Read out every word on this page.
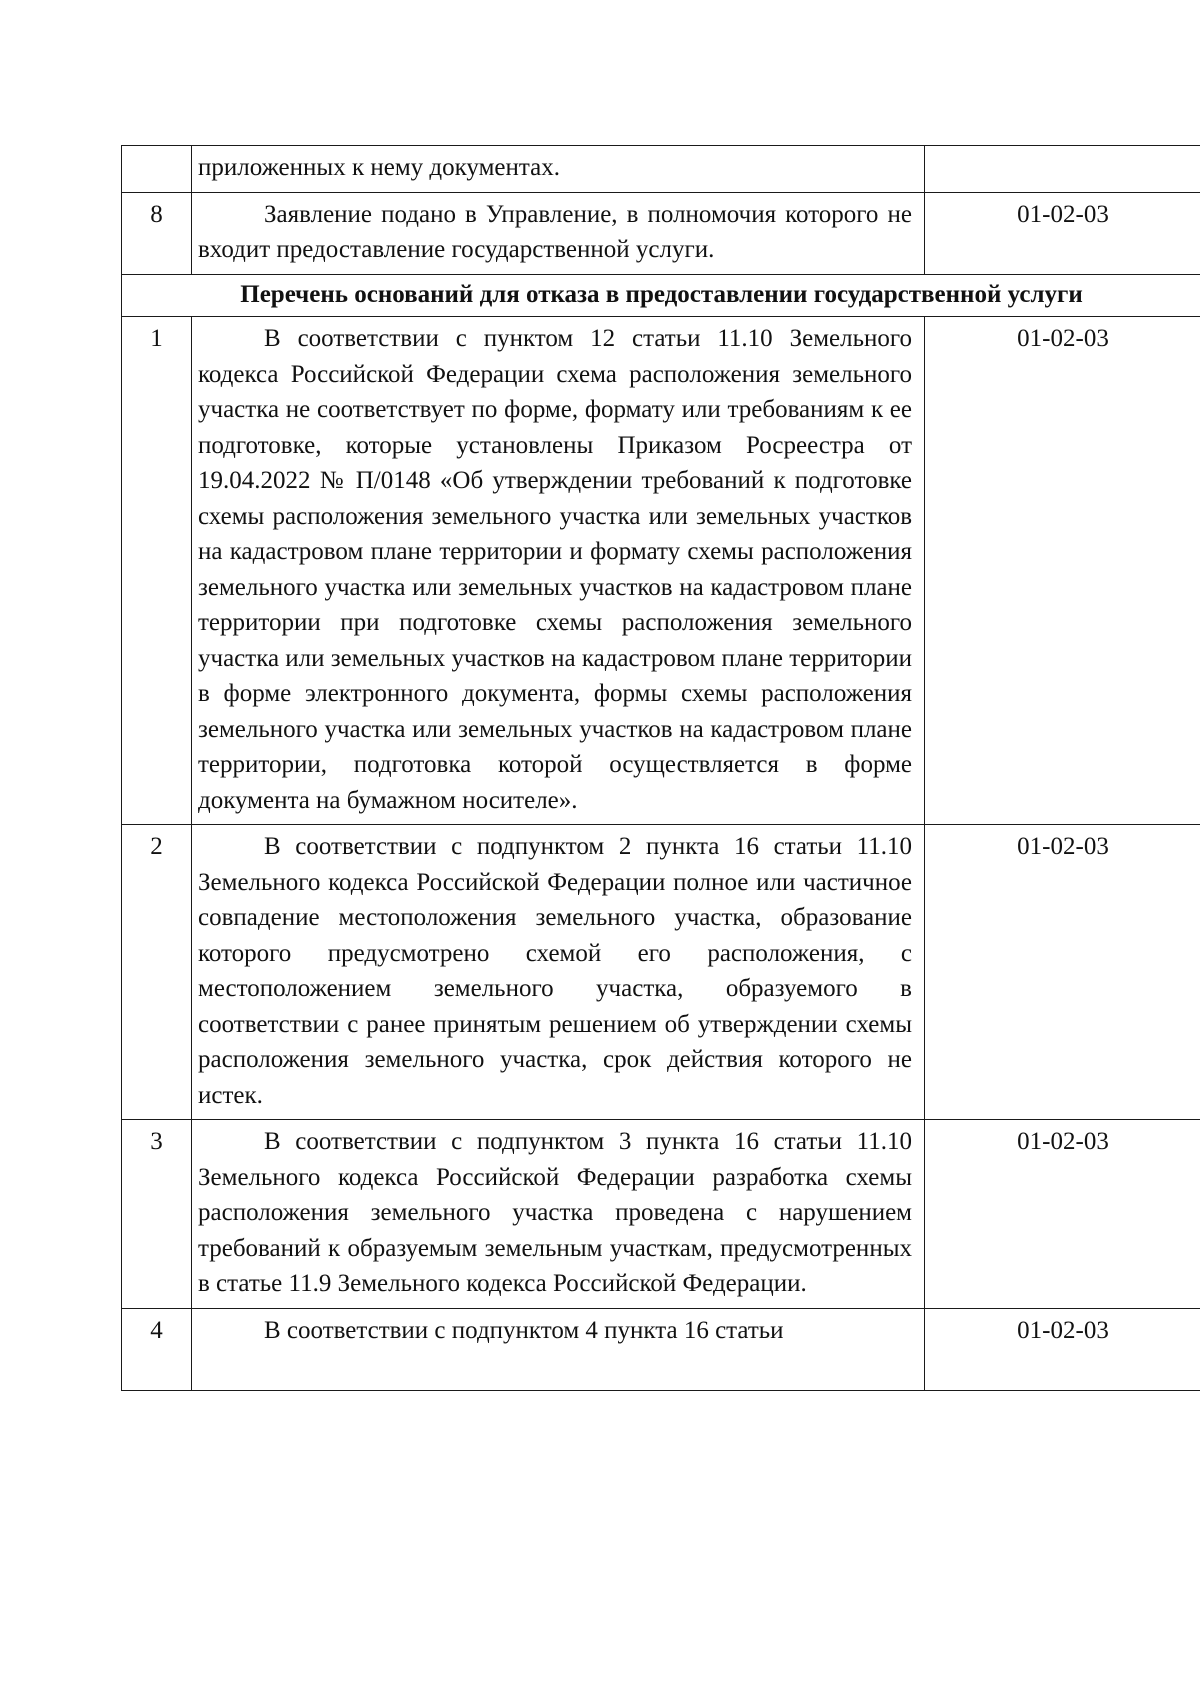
	приложенных к нему документах.	
8	Заявление подано в Управление, в полномочия которого не входит предоставление государственной услуги.	01-02-03
Перечень оснований для отказа в предоставлении государственной услуги		
1	В соответствии с пунктом 12 статьи 11.10 Земельного кодекса Российской Федерации схема расположения земельного участка не соответствует по форме, формату или требованиям к ее подготовке, которые установлены Приказом Росреестра от 19.04.2022 № П/0148 «Об утверждении требований к подготовке схемы расположения земельного участка или земельных участков на кадастровом плане территории и формату схемы расположения земельного участка или земельных участков на кадастровом плане территории при подготовке схемы расположения земельного участка или земельных участков на кадастровом плане территории в форме электронного документа, формы схемы расположения земельного участка или земельных участков на кадастровом плане территории, подготовка которой осуществляется в форме документа на бумажном носителе».	01-02-03
2	В соответствии с подпунктом 2 пункта 16 статьи 11.10 Земельного кодекса Российской Федерации полное или частичное совпадение местоположения земельного участка, образование которого предусмотрено схемой его расположения, с местоположением земельного участка, образуемого в соответствии с ранее принятым решением об утверждении схемы расположения земельного участка, срок действия которого не истек.	01-02-03
3	В соответствии с подпунктом 3 пункта 16 статьи 11.10 Земельного кодекса Российской Федерации разработка схемы расположения земельного участка проведена с нарушением требований к образуемым земельным участкам, предусмотренных в статье 11.9 Земельного кодекса Российской Федерации.	01-02-03
4	В соответствии с подпунктом 4 пункта 16 статьи	01-02-03
